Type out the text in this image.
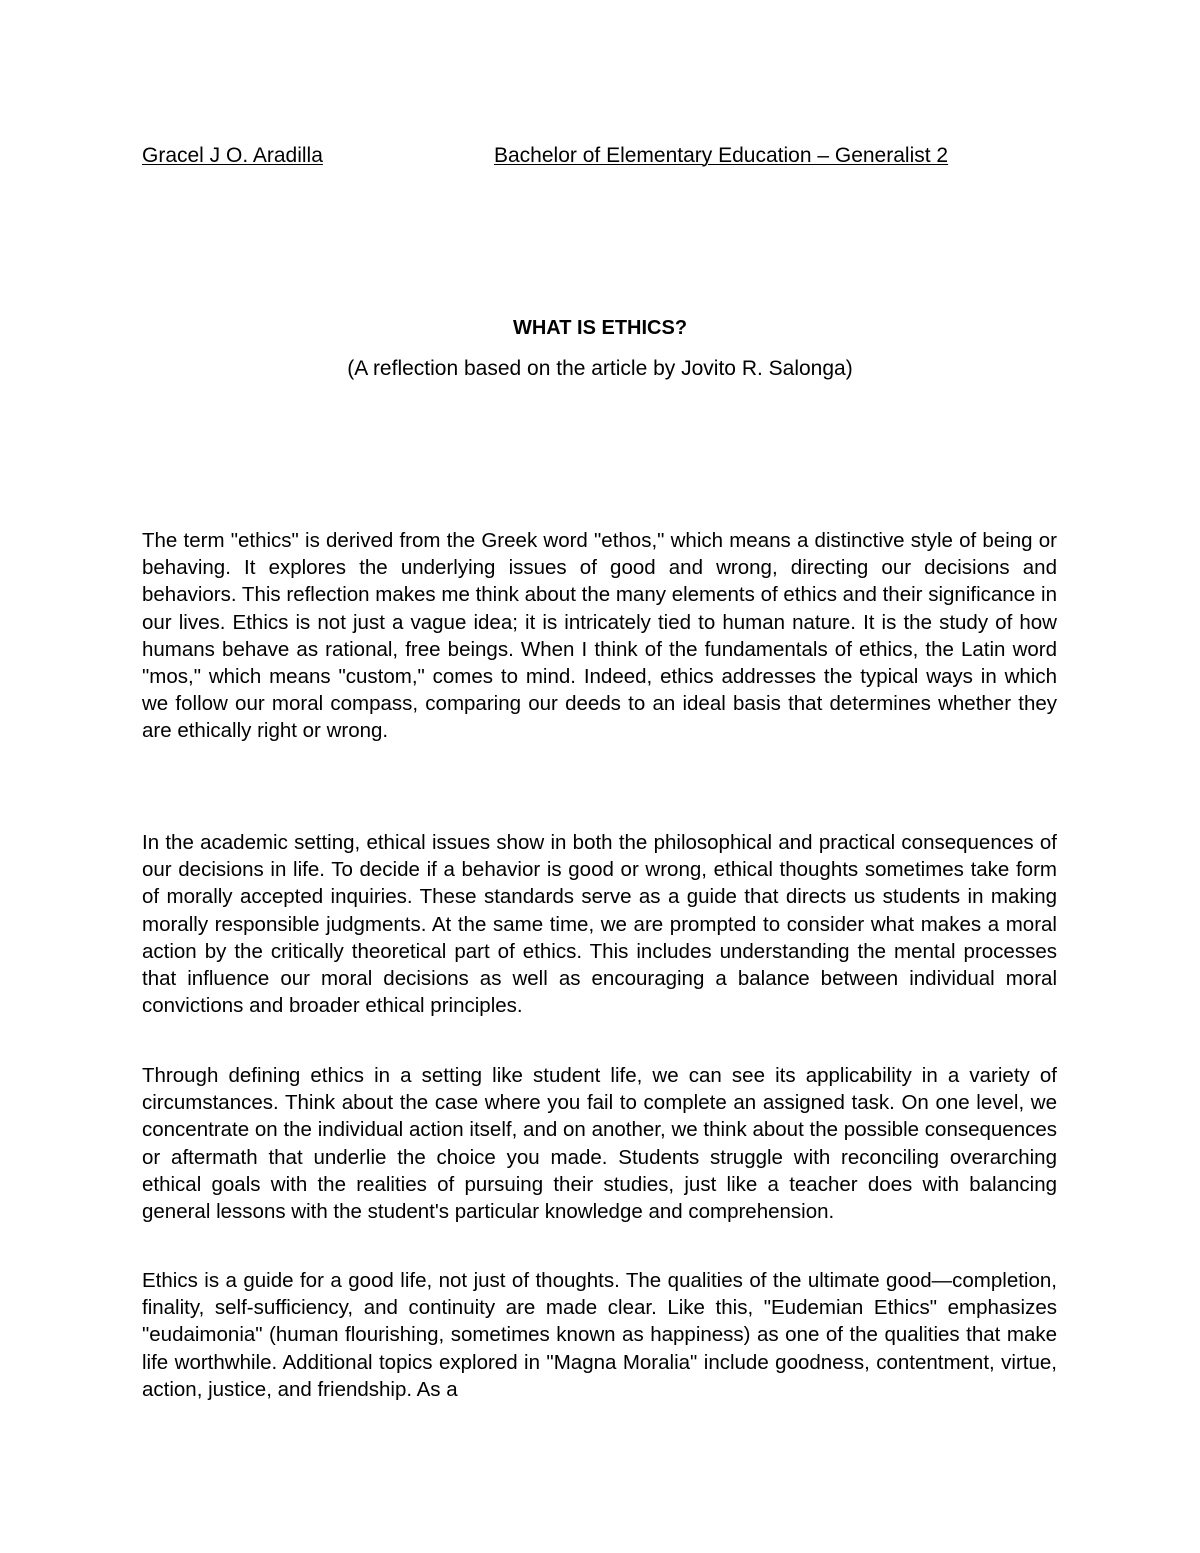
Gracel J O. Aradilla	Bachelor of Elementary Education – Generalist 2
WHAT IS ETHICS?
(A reflection based on the article by Jovito R. Salonga)

The term "ethics" is derived from the Greek word "ethos," which means a distinctive style of being or behaving. It explores the underlying issues of good and wrong, directing our decisions and behaviors. This reflection makes me think about the many elements of ethics and their significance in our lives. Ethics is not just a vague idea; it is intricately tied to human nature. It is the study of how humans behave as rational, free beings. When I think of the fundamentals of ethics, the Latin word "mos," which means "custom," comes to mind. Indeed, ethics addresses the typical ways in which we follow our moral compass, comparing our deeds to an ideal basis that determines whether they are ethically right or wrong.

In the academic setting, ethical issues show in both the philosophical and practical consequences of our decisions in life. To decide if a behavior is good or wrong, ethical thoughts sometimes take form of morally accepted inquiries. These standards serve as a guide that directs us students in making morally responsible judgments. At the same time, we are prompted to consider what makes a moral action by the critically theoretical part of ethics. This includes understanding the mental processes that influence our moral decisions as well as encouraging a balance between individual moral convictions and broader ethical principles.

Through defining ethics in a setting like student life, we can see its applicability in a variety of circumstances. Think about the case where you fail to complete an assigned task. On one level, we concentrate on the individual action itself, and on another, we think about the possible consequences or aftermath that underlie the choice you made. Students struggle with reconciling overarching ethical goals with the realities of pursuing their studies, just like a teacher does with balancing general lessons with the student's particular knowledge and comprehension.

Ethics is a guide for a good life, not just of thoughts. The qualities of the ultimate good—completion, finality, self-sufficiency, and continuity are made clear. Like this, "Eudemian Ethics" emphasizes "eudaimonia" (human flourishing, sometimes known as happiness) as one of the qualities that make life worthwhile. Additional topics explored in "Magna Moralia" include goodness, contentment, virtue, action, justice, and friendship. As a
